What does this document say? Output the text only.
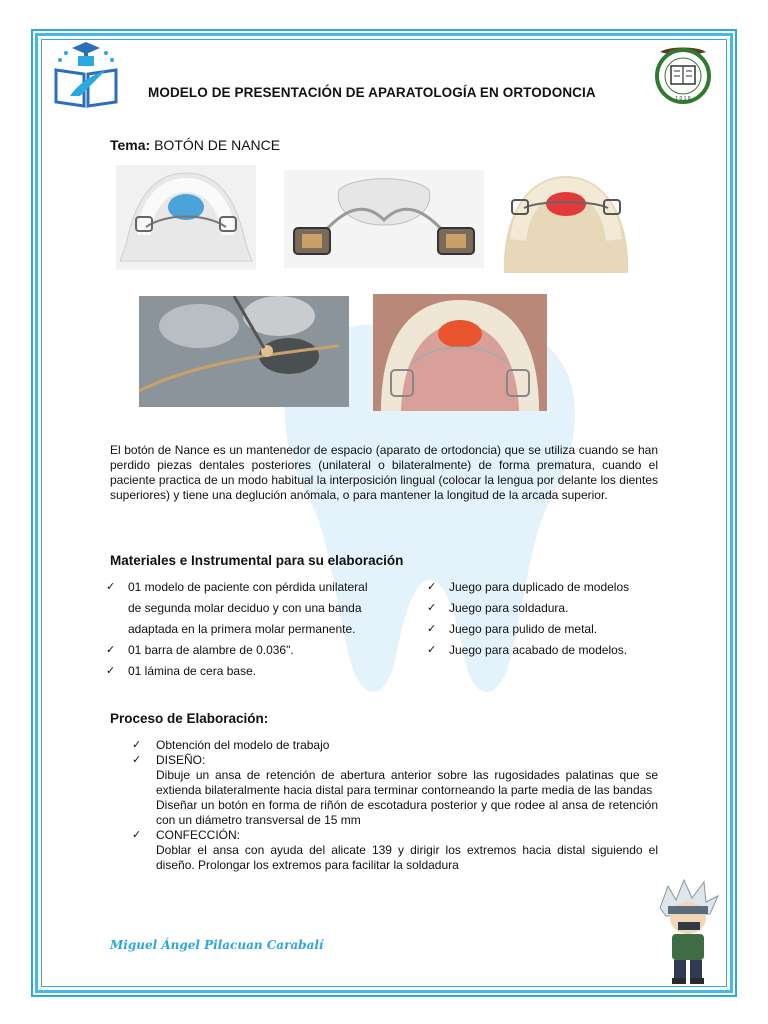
1 0 1 8
MODELO DE PRESENTACIÓN DE APARATOLOGÍA EN ORTODONCIA
Tema: BOTÓN DE NANCE
El botón de Nance es un mantenedor de espacio (aparato de ortodoncia) que se utiliza cuando se han perdido piezas dentales posteriores (unilateral o bilateralmente) de forma prematura, cuando el paciente practica de un modo habitual la interposición lingual (colocar la lengua por delante los dientes superiores) y tiene una deglución anómala, o para mantener la longitud de la arcada superior.
Materiales e Instrumental para su elaboración
✓ 01 modelo de paciente con pérdida unilateral
de segunda molar deciduo y con una banda
adaptada en la primera molar permanente.
✓ 01 barra de alambre de 0.036".
✓ 01 lámina de cera base.
✓ Juego para duplicado de modelos
✓ Juego para soldadura.
✓ Juego para pulido de metal.
✓ Juego para acabado de modelos.
Proceso de Elaboración:
✓ Obtención del modelo de trabajo
✓ DISEÑO:
Dibuje un ansa de retención de abertura anterior sobre las rugosidades palatinas que se extienda bilateralmente hacia distal para terminar contorneando la parte media de las bandas
Diseñar un botón en forma de riñón de escotadura posterior y que rodee al ansa de retención con un diámetro transversal de 15 mm
✓ CONFECCIÓN:
Doblar el ansa con ayuda del alicate 139 y dirigir los extremos hacia distal siguiendo el diseño. Prolongar los extremos para facilitar la soldadura
Miguel Ángel Pilacuan Carabalí
